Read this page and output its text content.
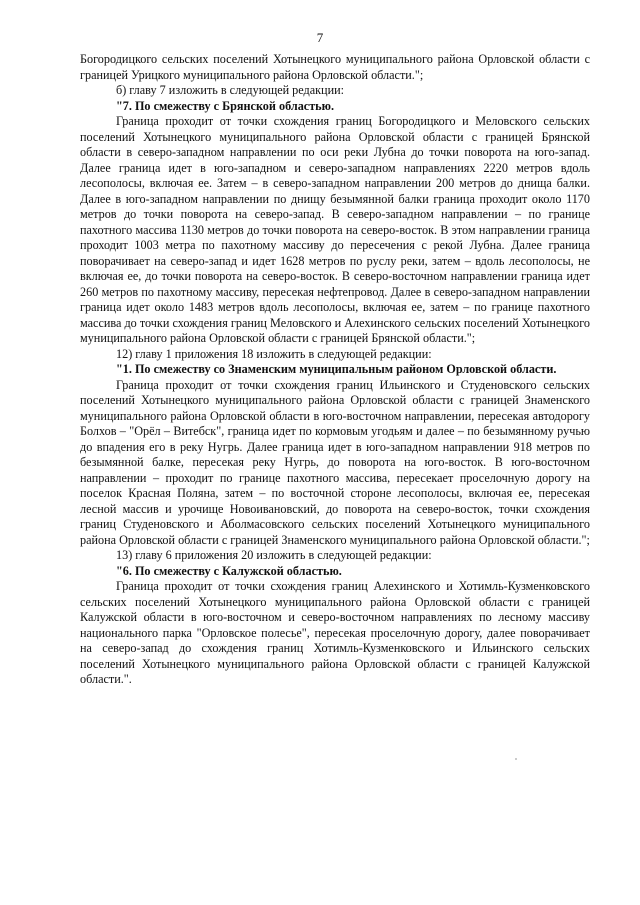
7

Богородицкого сельских поселений Хотынецкого муниципального района Орловской области с границей Урицкого муниципального района Орловской области.";

б) главу 7 изложить в следующей редакции:

"7. По смежеству с Брянской областью.

Граница проходит от точки схождения границ Богородицкого и Меловского сельских поселений Хотынецкого муниципального района Орловской области с границей Брянской области в северо-западном направлении по оси реки Лубна до точки поворота на юго-запад. Далее граница идет в юго-западном и северо-западном направлениях 2220 метров вдоль лесополосы, включая ее. Затем – в северо-западном направлении 200 метров до днища балки. Далее в юго-западном направлении по днищу безымянной балки граница проходит около 1170 метров до точки поворота на северо-запад. В северо-западном направлении – по границе пахотного массива 1130 метров до точки поворота на северо-восток. В этом направлении граница проходит 1003 метра по пахотному массиву до пересечения с рекой Лубна. Далее граница поворачивает на северо-запад и идет 1628 метров по руслу реки, затем – вдоль лесополосы, не включая ее, до точки поворота на северо-восток. В северо-восточном направлении граница идет 260 метров по пахотному массиву, пересекая нефтепровод. Далее в северо-западном направлении граница идет около 1483 метров вдоль лесополосы, включая ее, затем – по границе пахотного массива до точки схождения границ Меловского и Алехинского сельских поселений Хотынецкого муниципального района Орловской области с границей Брянской области.";

12) главу 1 приложения 18 изложить в следующей редакции:

"1. По смежеству со Знаменским муниципальным районом Орловской области.

Граница проходит от точки схождения границ Ильинского и Студеновского сельских поселений Хотынецкого муниципального района Орловской области с границей Знаменского муниципального района Орловской области в юго-восточном направлении, пересекая автодорогу Болхов – "Орёл – Витебск", граница идет по кормовым угодьям и далее – по безымянному ручью до впадения его в реку Нугрь. Далее граница идет в юго-западном направлении 918 метров по безымянной балке, пересекая реку Нугрь, до поворота на юго-восток. В юго-восточном направлении – проходит по границе пахотного массива, пересекает проселочную дорогу на поселок Красная Поляна, затем – по восточной стороне лесополосы, включая ее, пересекая лесной массив и урочище Новоивановский, до поворота на северо-восток, точки схождения границ Студеновского и Аболмасовского сельских поселений Хотынецкого муниципального района Орловской области с границей Знаменского муниципального района Орловской области.";

13) главу 6 приложения 20 изложить в следующей редакции:

"6. По смежеству с Калужской областью.

Граница проходит от точки схождения границ Алехинского и Хотимль-Кузменковского сельских поселений Хотынецкого муниципального района Орловской области с границей Калужской области в юго-восточном и северо-восточном направлениях по лесному массиву национального парка "Орловское полесье", пересекая проселочную дорогу, далее поворачивает на северо-запад до схождения границ Хотимль-Кузменковского и Ильинского сельских поселений Хотынецкого муниципального района Орловской области с границей Калужской области.".
